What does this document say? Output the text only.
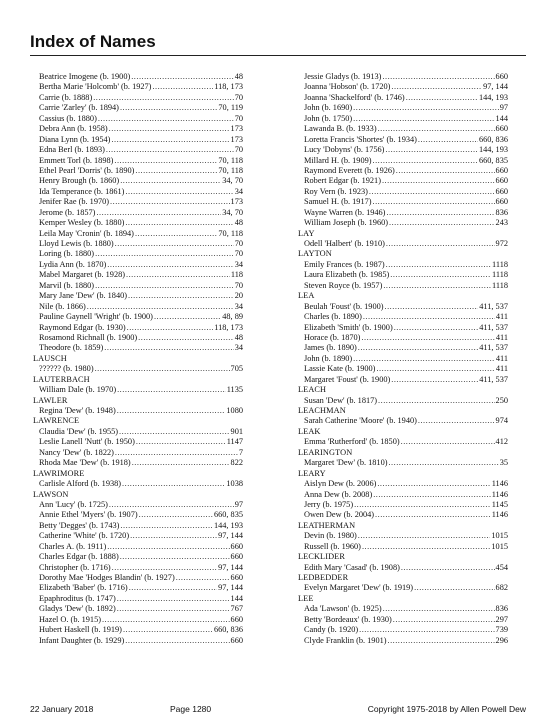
Index of Names
Beatrice Imogene (b. 1900) .....	48
Bertha Marie 'Holcomb' (b. 1927) .....	118, 173
Carrie (b. 1888) .....	70
Carrie 'Zarley' (b. 1894) .....	70, 119
Cassius (b. 1880) .....	70
Debra Ann (b. 1958) .....	173
Diana Lynn (b. 1954) .....	173
Edna Berl (b. 1893) .....	70
Emmett Torl (b. 1898) .....	70, 118
Ethel Pearl 'Dorris' (b. 1890) .....	70, 118
Henry Brough (b. 1860) .....	34, 70
Ida Temperance (b. 1861) .....	34
Jenifer Rae (b. 1970) .....	173
Jerome (b. 1857) .....	34, 70
Kemper Wesley (b. 1880) .....	48
Leila May 'Cronin' (b. 1894) .....	70, 118
Lloyd Lewis (b. 1880) .....	70
Loring (b. 1880) .....	70
Lydia Ann (b. 1870) .....	34
Mabel Margaret (b. 1928) .....	118
Marvil (b. 1880) .....	70
Mary Jane 'Dew' (b. 1840) .....	20
Nile (b. 1866) .....	34
Pauline Gaynell 'Wright' (b. 1900) .....	48, 89
Raymond Edgar (b. 1930) .....	118, 173
Rosamond Richnall (b. 1900) .....	48
Theodore (b. 1859) .....	34
LAUSCH
?????? (b. 1980) .....	705
LAUTERBACH
William Dale (b. 1970) .....	1135
LAWLER
Regina 'Dew' (b. 1948) .....	1080
LAWRENCE
Claudia 'Dew' (b. 1955) .....	901
Leslie Lanell 'Nutt' (b. 1950) .....	1147
Nancy 'Dew' (b. 1822) .....	7
Rhoda Mae 'Dew' (b. 1918) .....	822
LAWRIMORE
Carlisle Alford (b. 1938) .....	1038
LAWSON
Ann 'Lucy' (b. 1725) .....	97
Annie Ethel 'Myers' (b. 1907) .....	660, 835
Betty 'Degges' (b. 1743) .....	144, 193
Catherine 'White' (b. 1720) .....	97, 144
Charles A. (b. 1911) .....	660
Charles Edgar (b. 1888) .....	660
Christopher (b. 1716) .....	97, 144
Dorothy Mae 'Hodges Blandin' (b. 1927) .....	660
Elizabeth 'Baber' (b. 1716) .....	97, 144
Epaphroditus (b. 1747) .....	144
Gladys 'Dew' (b. 1892) .....	767
Hazel O. (b. 1915) .....	660
Hubert Haskell (b. 1919) .....	660, 836
Infant Daughter (b. 1929) .....	660
Jessie Gladys (b. 1913) .....	660
Joanna 'Hobson' (b. 1720) .....	97, 144
Joanna 'Shackelford' (b. 1746) .....	144, 193
John (b. 1690) .....	97
John (b. 1750) .....	144
Lawanda B. (b. 1933) .....	660
Loretta Francis 'Shortes' (b. 1934) .....	660, 836
Lucy 'Dobyns' (b. 1756) .....	144, 193
Millard H. (b. 1909) .....	660, 835
Raymond Everett (b. 1926) .....	660
Robert Edgar (b. 1921) .....	660
Roy Vern (b. 1923) .....	660
Samuel H. (b. 1917) .....	660
Wayne Warren (b. 1946) .....	836
William Joseph (b. 1960) .....	243
LAY
Odell 'Halbert' (b. 1910) .....	972
LAYTON
Emily Frances (b. 1987) .....	1118
Laura Elizabeth (b. 1985) .....	1118
Steven Royce (b. 1957) .....	1118
LEA
Beulah 'Foust' (b. 1900) .....	411, 537
Charles (b. 1890) .....	411
Elizabeth 'Smith' (b. 1900) .....	411, 537
Horace (b. 1870) .....	411
James (b. 1890) .....	411, 537
John (b. 1890) .....	411
Lassie Kate (b. 1900) .....	411
Margaret 'Foust' (b. 1900) .....	411, 537
LEACH
Susan 'Dew' (b. 1817) .....	250
LEACHMAN
Sarah Catherine 'Moore' (b. 1940) .....	974
LEAK
Emma 'Rutherford' (b. 1850) .....	412
LEARINGTON
Margaret 'Dew' (b. 1810) .....	35
LEARY
Aislyn Dew (b. 2006) .....	1146
Anna Dew (b. 2008) .....	1146
Jerry (b. 1975) .....	1145
Owen Dew (b. 2004) .....	1146
LEATHERMAN
Devin (b. 1980) .....	1015
Russell (b. 1960) .....	1015
LECKLIDER
Edith Mary 'Casad' (b. 1908) .....	454
LEDBEDDER
Evelyn Margaret 'Dew' (b. 1919) .....	682
LEE
Ada 'Lawson' (b. 1925) .....	836
Betty 'Bordeaux' (b. 1930) .....	297
Candy (b. 1920) .....	739
Clyde Franklin (b. 1901) .....	296
22 January 2018	Page 1280	Copyright 1975-2018 by Allen Powell Dew
